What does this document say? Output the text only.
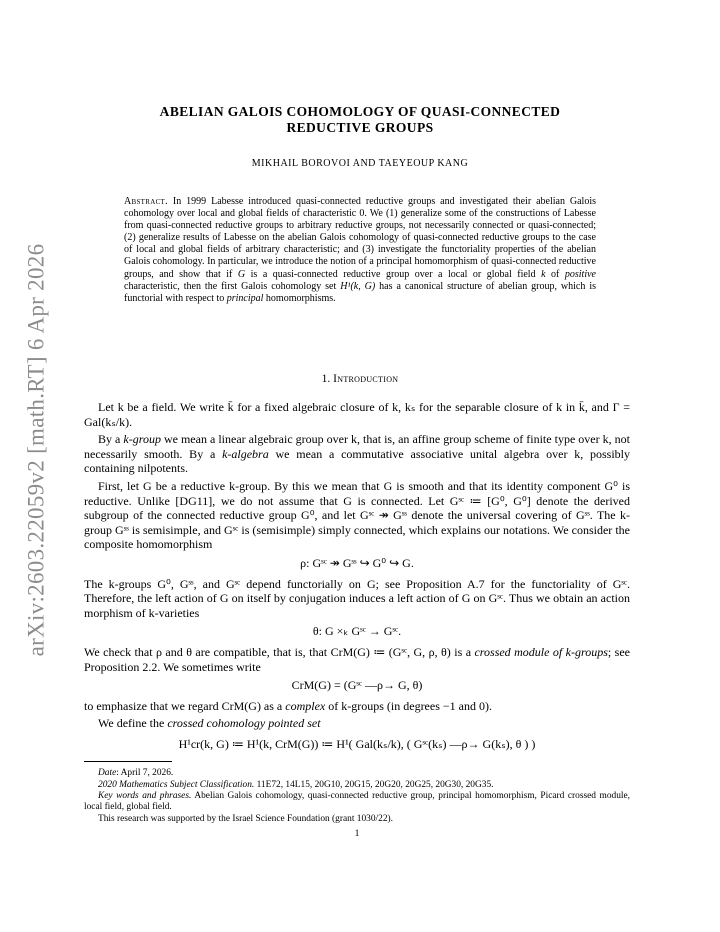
arXiv:2603.22059v2 [math.RT] 6 Apr 2026
ABELIAN GALOIS COHOMOLOGY OF QUASI-CONNECTED
REDUCTIVE GROUPS
MIKHAIL BOROVOI AND TAEYEOUP KANG
Abstract. In 1999 Labesse introduced quasi-connected reductive groups and investigated their abelian Galois cohomology over local and global fields of characteristic 0. We (1) generalize some of the constructions of Labesse from quasi-connected reductive groups to arbitrary reductive groups, not necessarily connected or quasi-connected; (2) generalize results of Labesse on the abelian Galois cohomology of quasi-connected reductive groups to the case of local and global fields of arbitrary characteristic; and (3) investigate the functoriality properties of the abelian Galois cohomology. In particular, we introduce the notion of a principal homomorphism of quasi-connected reductive groups, and show that if G is a quasi-connected reductive group over a local or global field k of positive characteristic, then the first Galois cohomology set H¹(k, G) has a canonical structure of abelian group, which is functorial with respect to principal homomorphisms.
1. Introduction

Let k be a field. We write k̄ for a fixed algebraic closure of k, kₛ for the separable closure of k in k̄, and Γ = Gal(kₛ/k).

By a k-group we mean a linear algebraic group over k, that is, an affine group scheme of finite type over k, not necessarily smooth. By a k-algebra we mean a commutative associative unital algebra over k, possibly containing nilpotents.

First, let G be a reductive k-group. By this we mean that G is smooth and that its identity component G⁰ is reductive. Unlike [DG11], we do not assume that G is connected. Let Gˢᶜ ≔ [G⁰, G⁰] denote the derived subgroup of the connected reductive group G⁰, and let Gˢᶜ ↠ Gˢˢ denote the universal covering of Gˢˢ. The k-group Gˢˢ is semisimple, and Gˢᶜ is (semisimple) simply connected, which explains our notations. We consider the composite homomorphism

ρ: Gˢᶜ ↠ Gˢˢ ↪ G⁰ ↪ G.

The k-groups G⁰, Gˢˢ, and Gˢᶜ depend functorially on G; see Proposition A.7 for the functoriality of Gˢᶜ. Therefore, the left action of G on itself by conjugation induces a left action of G on Gˢᶜ. Thus we obtain an action morphism of k-varieties

θ: G ×ₖ Gˢᶜ → Gˢᶜ.

We check that ρ and θ are compatible, that is, that CrM(G) ≔ (Gˢᶜ, G, ρ, θ) is a crossed module of k-groups; see Proposition 2.2. We sometimes write

CrM(G) = (Gˢᶜ —ρ→ G, θ)

to emphasize that we regard CrM(G) as a complex of k-groups (in degrees −1 and 0).

We define the crossed cohomology pointed set

H¹cr(k, G) ≔ H¹(k, CrM(G)) ≔ H¹( Gal(kₛ/k), ( Gˢᶜ(kₛ) —ρ→ G(kₛ), θ ) )

Date: April 7, 2026.

2020 Mathematics Subject Classification. 11E72, 14L15, 20G10, 20G15, 20G20, 20G25, 20G30, 20G35.

Key words and phrases. Abelian Galois cohomology, quasi-connected reductive group, principal homomorphism, Picard crossed module, local field, global field.

This research was supported by the Israel Science Foundation (grant 1030/22).

1
